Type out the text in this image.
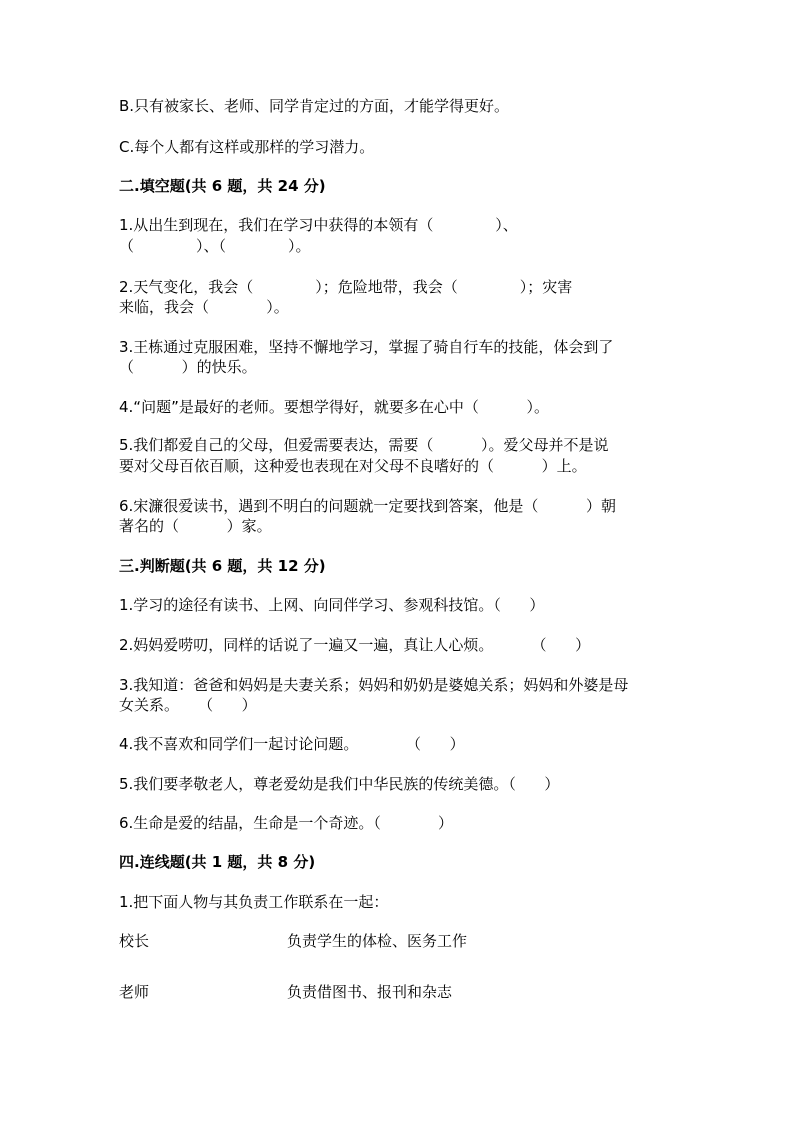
B.只有被家长、老师、同学肯定过的方面，才能学得更好。
C.每个人都有这样或那样的学习潜力。
二.填空题(共 6 题，共 24 分)
1.从出生到现在，我们在学习中获得的本领有（             ）、
（             ）、（             ）。
2.天气变化，我会（             ）；危险地带，我会（             ）；灾害
来临，我会（            ）。
3.王栋通过克服困难，坚持不懈地学习，掌握了骑自行车的技能，体会到了
（          ）的快乐。
4.“问题”是最好的老师。要想学得好，就要多在心中（          ）。
5.我们都爱自己的父母，但爱需要表达，需要（          ）。爱父母并不是说
要对父母百依百顺，这种爱也表现在对父母不良嗜好的（          ）上。
6.宋濂很爱读书，遇到不明白的问题就一定要找到答案，他是（          ）朝
著名的（          ）家。
三.判断题(共 6 题，共 12 分)
1.学习的途径有读书、上网、向同伴学习、参观科技馆。（      ）
2.妈妈爱唠叨，同样的话说了一遍又一遍，真让人心烦。        （      ）
3.我知道：爸爸和妈妈是夫妻关系；妈妈和奶奶是婆媳关系；妈妈和外婆是母
女关系。    （      ）
4.我不喜欢和同学们一起讨论问题。          （      ）
5.我们要孝敬老人，尊老爱幼是我们中华民族的传统美德。（      ）
6.生命是爱的结晶，生命是一个奇迹。（            ）
四.连线题(共 1 题，共 8 分)
1.把下面人物与其负责工作联系在一起：
校长	负责学生的体检、医务工作
老师	负责借图书、报刊和杂志
